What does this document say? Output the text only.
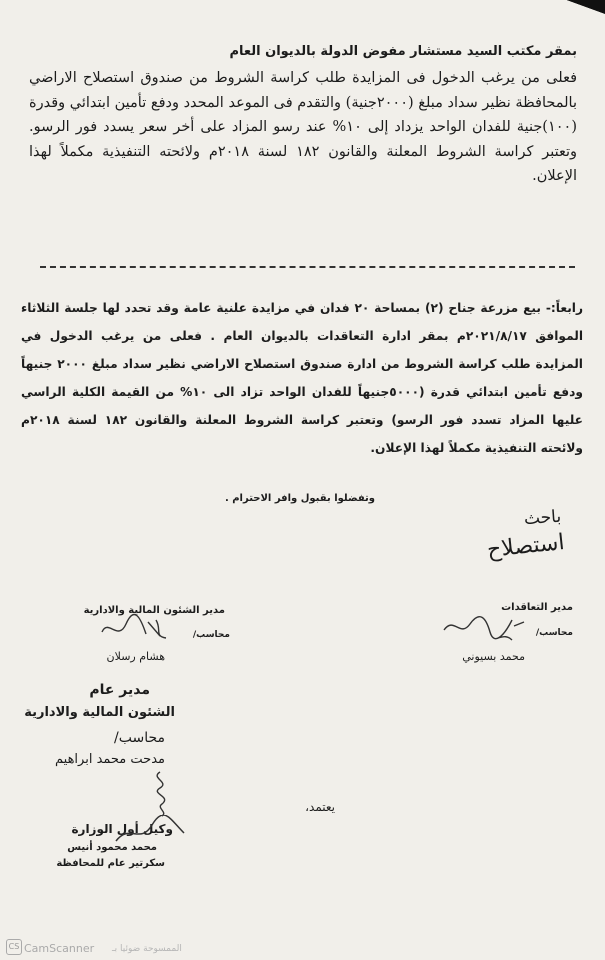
بمقر مكتب السيد مستشار مفوض الدولة بالديوان العام
فعلى من يرغب الدخول فى المزايدة طلب كراسة الشروط من صندوق استصلاح الاراضي بالمحافظة نظير سداد مبلغ (٢٠٠٠جنية) والتقدم فى الموعد المحدد ودفع تأمين ابتدائي وقدرة (١٠٠)جنية للفدان الواحد يزداد إلى ١٠% عند رسو المزاد على أخر سعر يسدد فور الرسو. وتعتبر كراسة الشروط المعلنة والقانون ١٨٢ لسنة ٢٠١٨م ولائحته التنفيذية مكملاً لهذا الإعلان.
رابعاً:- بيع مزرعة جناح (٢) بمساحة ٢٠ فدان في مزايدة علنية عامة وقد تحدد لها جلسة الثلاثاء الموافق ٢٠٢١/٨/١٧م بمقر ادارة التعاقدات بالديوان العام . فعلى من يرغب الدخول في المزايدة طلب كراسة الشروط من ادارة صندوق استصلاح الاراضي نظير سداد مبلغ ٢٠٠٠ جنيهاً ودفع تأمين ابتدائي قدرة (٥٠٠٠جنيهاً للفدان الواحد تزاد الى ١٠% من القيمة الكلية الراسي عليها المزاد تسدد فور الرسو) وتعتبر كراسة الشروط المعلنة والقانون ١٨٢ لسنة ٢٠١٨م ولائحته التنفيذية مكملاً لهذا الإعلان.
وتفضلوا بقبول وافر الاحترام .
باحث
استصلاح
مدير التعاقدات
محاسب/
محمد بسيوني
مدير الشئون المالية والادارية
محاسب/
هشام رسلان
مدير عام
الشئون المالية والادارية
محاسب/
مدحت محمد ابراهيم
يعتمد،
وكيل أول الوزارة
محمد محمود أنيس
سكرتير عام للمحافظة
CS CamScanner الممسوحة ضوئيا بـ
